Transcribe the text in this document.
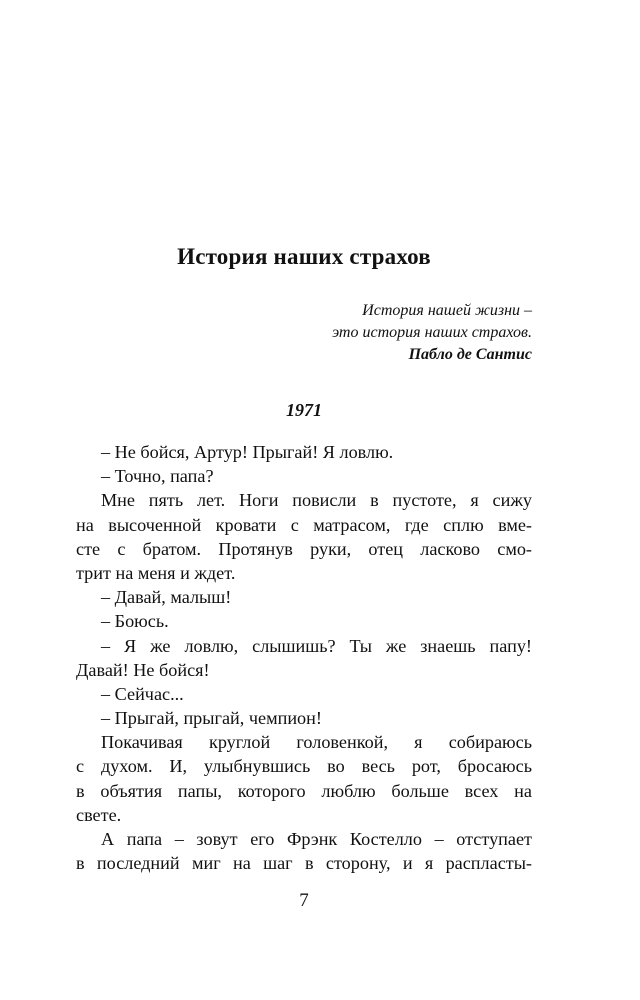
История наших страхов
История нашей жизни –
это история наших страхов.
Пабло де Сантис
1971
– Не бойся, Артур! Прыгай! Я ловлю.
– Точно, папа?
Мне пять лет. Ноги повисли в пустоте, я сижу
на высоченной кровати с матрасом, где сплю вме-
сте с братом. Протянув руки, отец ласково смо-
трит на меня и ждет.
– Давай, малыш!
– Боюсь.
– Я же ловлю, слышишь? Ты же знаешь папу!
Давай! Не бойся!
– Сейчас...
– Прыгай, прыгай, чемпион!
Покачивая круглой головенкой, я собираюсь
с духом. И, улыбнувшись во весь рот, бросаюсь
в объятия папы, которого люблю больше всех на
свете.
А папа – зовут его Фрэнк Костелло – отступает
в последний миг на шаг в сторону, и я распласты-
7
